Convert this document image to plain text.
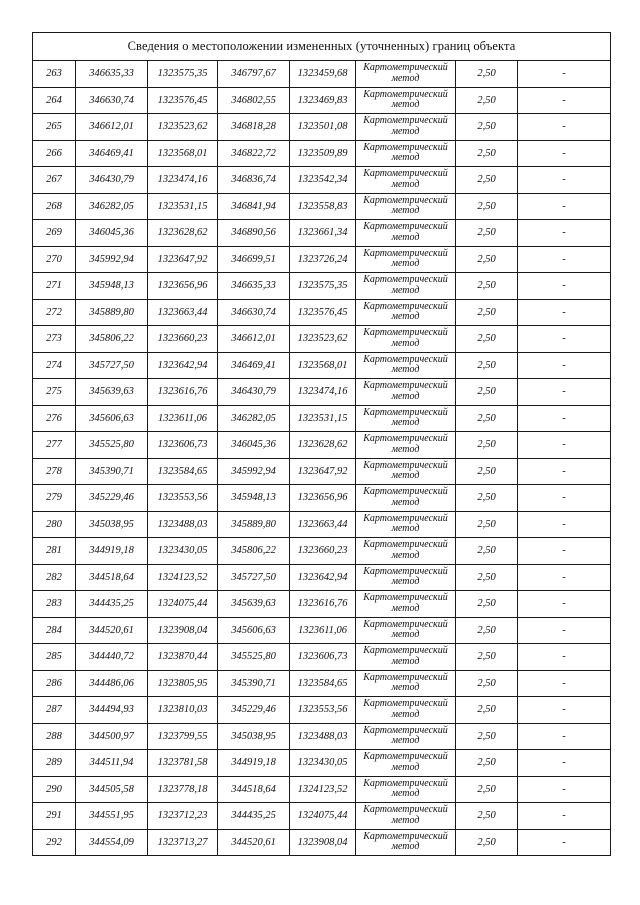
Сведения о местоположении измененных (уточненных) границ объекта							
263	346635,33	1323575,35	346797,67	1323459,68	Картометрический метод	2,50	-
264	346630,74	1323576,45	346802,55	1323469,83	Картометрический метод	2,50	-
265	346612,01	1323523,62	346818,28	1323501,08	Картометрический метод	2,50	-
266	346469,41	1323568,01	346822,72	1323509,89	Картометрический метод	2,50	-
267	346430,79	1323474,16	346836,74	1323542,34	Картометрический метод	2,50	-
268	346282,05	1323531,15	346841,94	1323558,83	Картометрический метод	2,50	-
269	346045,36	1323628,62	346890,56	1323661,34	Картометрический метод	2,50	-
270	345992,94	1323647,92	346699,51	1323726,24	Картометрический метод	2,50	-
271	345948,13	1323656,96	346635,33	1323575,35	Картометрический метод	2,50	-
272	345889,80	1323663,44	346630,74	1323576,45	Картометрический метод	2,50	-
273	345806,22	1323660,23	346612,01	1323523,62	Картометрический метод	2,50	-
274	345727,50	1323642,94	346469,41	1323568,01	Картометрический метод	2,50	-
275	345639,63	1323616,76	346430,79	1323474,16	Картометрический метод	2,50	-
276	345606,63	1323611,06	346282,05	1323531,15	Картометрический метод	2,50	-
277	345525,80	1323606,73	346045,36	1323628,62	Картометрический метод	2,50	-
278	345390,71	1323584,65	345992,94	1323647,92	Картометрический метод	2,50	-
279	345229,46	1323553,56	345948,13	1323656,96	Картометрический метод	2,50	-
280	345038,95	1323488,03	345889,80	1323663,44	Картометрический метод	2,50	-
281	344919,18	1323430,05	345806,22	1323660,23	Картометрический метод	2,50	-
282	344518,64	1324123,52	345727,50	1323642,94	Картометрический метод	2,50	-
283	344435,25	1324075,44	345639,63	1323616,76	Картометрический метод	2,50	-
284	344520,61	1323908,04	345606,63	1323611,06	Картометрический метод	2,50	-
285	344440,72	1323870,44	345525,80	1323606,73	Картометрический метод	2,50	-
286	344486,06	1323805,95	345390,71	1323584,65	Картометрический метод	2,50	-
287	344494,93	1323810,03	345229,46	1323553,56	Картометрический метод	2,50	-
288	344500,97	1323799,55	345038,95	1323488,03	Картометрический метод	2,50	-
289	344511,94	1323781,58	344919,18	1323430,05	Картометрический метод	2,50	-
290	344505,58	1323778,18	344518,64	1324123,52	Картометрический метод	2,50	-
291	344551,95	1323712,23	344435,25	1324075,44	Картометрический метод	2,50	-
292	344554,09	1323713,27	344520,61	1323908,04	Картометрический метод	2,50	-
